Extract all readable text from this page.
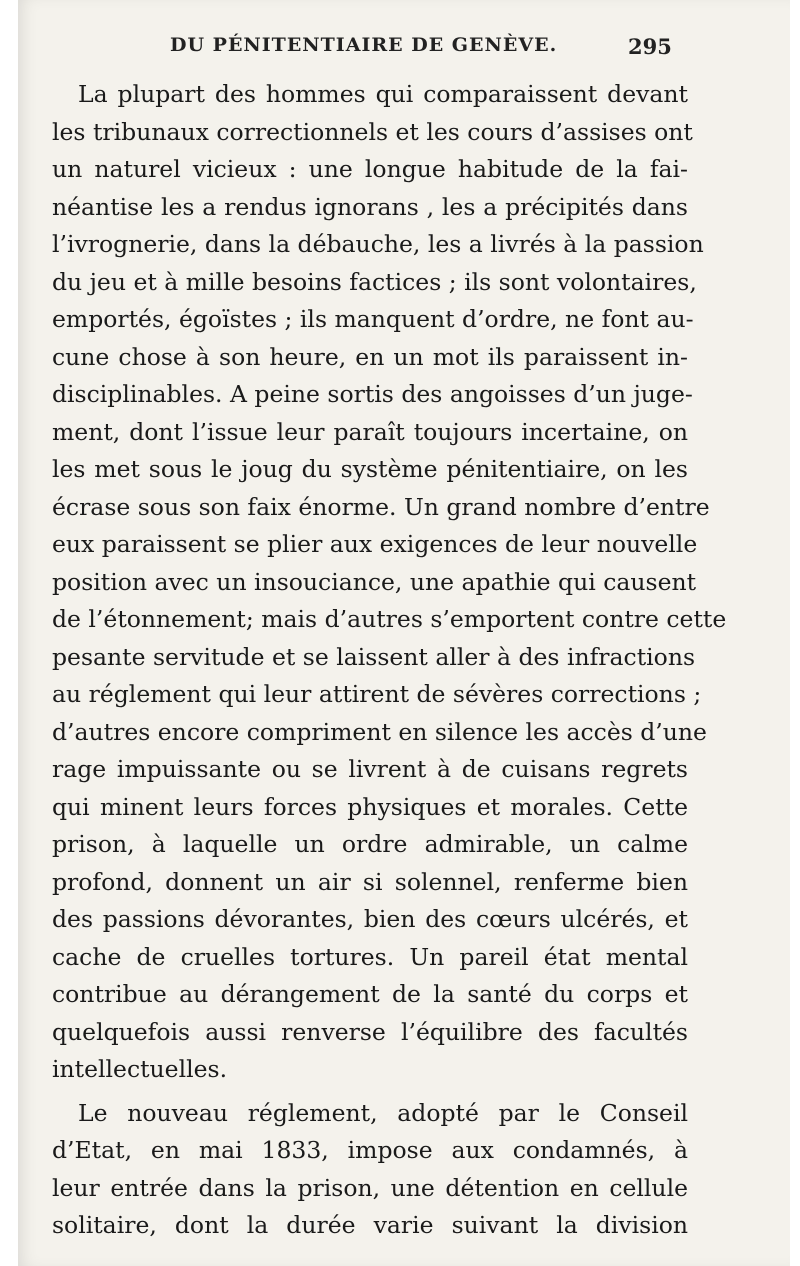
DU PÉNITENTIAIRE DE GENÈVE.	295
La plupart des hommes qui comparaissent devant
les tribunaux correctionnels et les cours d’assises ont
un naturel vicieux : une longue habitude de la fai-
néantise les a rendus ignorans , les a précipités dans
l’ivrognerie, dans la débauche, les a livrés à la passion
du jeu et à mille besoins factices ; ils sont volontaires,
emportés, égoïstes ; ils manquent d’ordre, ne font au-
cune chose à son heure, en un mot ils paraissent in-
disciplinables. A peine sortis des angoisses d’un juge-
ment, dont l’issue leur paraît toujours incertaine, on
les met sous le joug du système pénitentiaire, on les
écrase sous son faix énorme. Un grand nombre d’entre
eux paraissent se plier aux exigences de leur nouvelle
position avec un insouciance, une apathie qui causent
de l’étonnement; mais d’autres s’emportent contre cette
pesante servitude et se laissent aller à des infractions
au réglement qui leur attirent de sévères corrections ;
d’autres encore compriment en silence les accès d’une
rage impuissante ou se livrent à de cuisans regrets
qui minent leurs forces physiques et morales. Cette
prison, à laquelle un ordre admirable, un calme
profond, donnent un air si solennel, renferme bien
des passions dévorantes, bien des cœurs ulcérés, et
cache de cruelles tortures. Un pareil état mental
contribue au dérangement de la santé du corps et
quelquefois aussi renverse l’équilibre des facultés
intellectuelles.
Le nouveau réglement, adopté par le Conseil
d’Etat, en mai 1833, impose aux condamnés, à
leur entrée dans la prison, une détention en cellule
solitaire, dont la durée varie suivant la division
